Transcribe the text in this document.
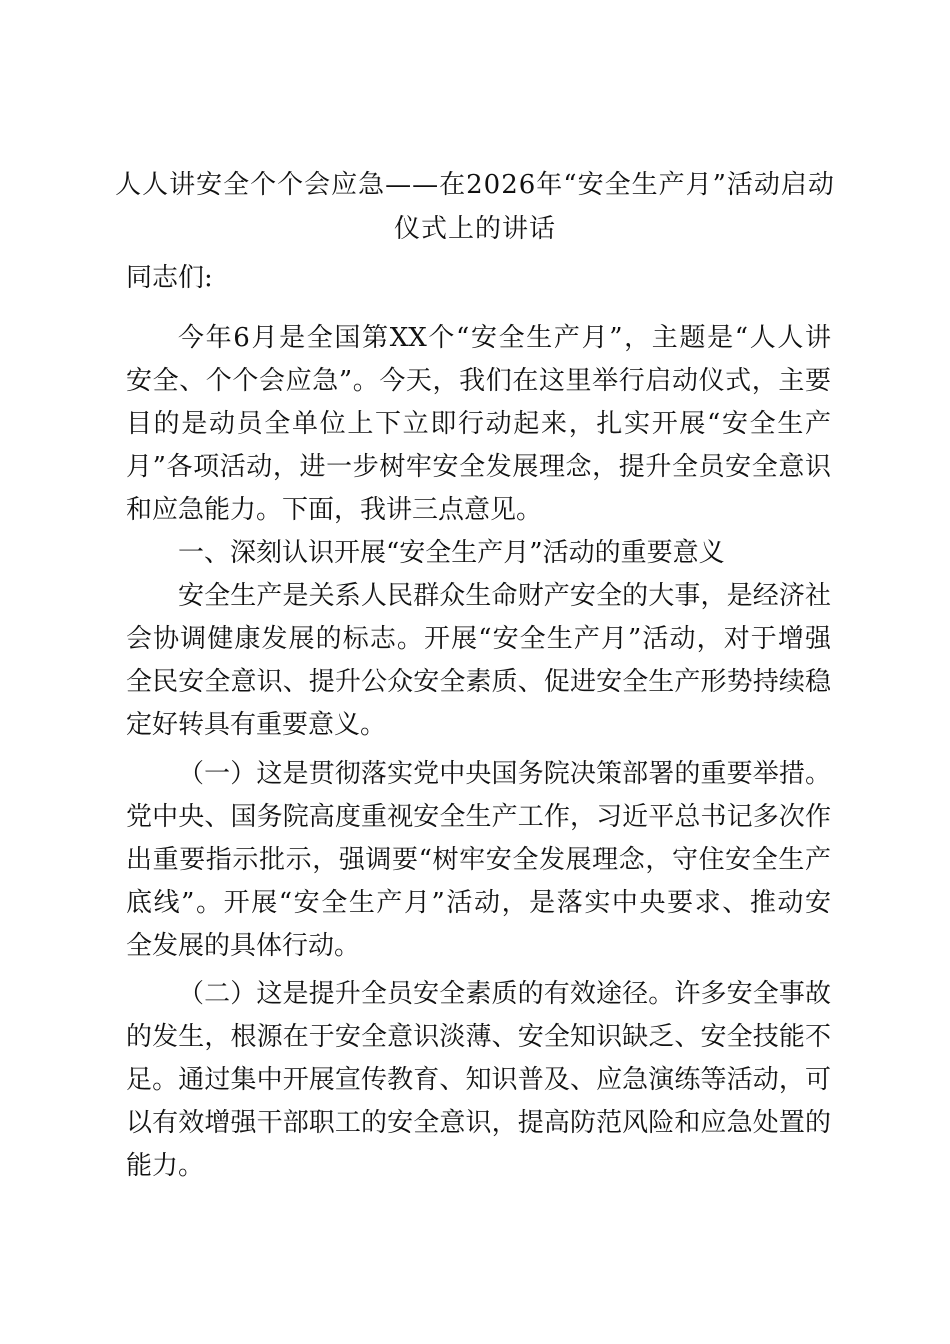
人人讲安全个个会应急——在2026年“安全生产月”活动启动
仪式上的讲话
同志们:
今年6月是全国第XX个“安全生产月”，主题是“人人讲
安全、个个会应急”。今天，我们在这里举行启动仪式，主要
目的是动员全单位上下立即行动起来，扎实开展“安全生产
月”各项活动，进一步树牢安全发展理念，提升全员安全意识
和应急能力。下面，我讲三点意见。
一、深刻认识开展“安全生产月”活动的重要意义
安全生产是关系人民群众生命财产安全的大事，是经济社
会协调健康发展的标志。开展“安全生产月”活动，对于增强
全民安全意识、提升公众安全素质、促进安全生产形势持续稳
定好转具有重要意义。
（一）这是贯彻落实党中央国务院决策部署的重要举措。
党中央、国务院高度重视安全生产工作，习近平总书记多次作
出重要指示批示，强调要“树牢安全发展理念，守住安全生产
底线”。开展“安全生产月”活动，是落实中央要求、推动安
全发展的具体行动。
（二）这是提升全员安全素质的有效途径。许多安全事故
的发生，根源在于安全意识淡薄、安全知识缺乏、安全技能不
足。通过集中开展宣传教育、知识普及、应急演练等活动，可
以有效增强干部职工的安全意识，提高防范风险和应急处置的
能力。
